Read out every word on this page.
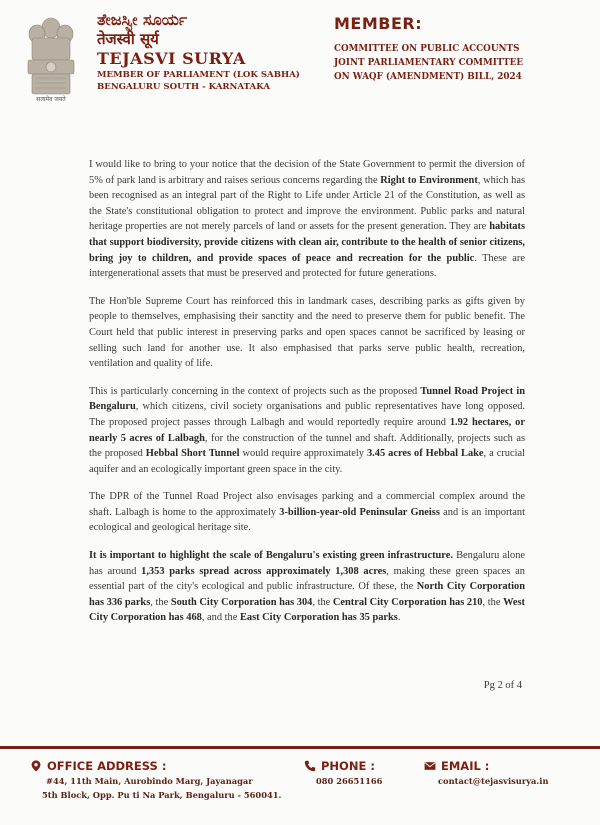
सत्यमेव जयते
ತೇಜಸ್ವೀ ಸೂರ್ಯ
तेजस्वी सूर्य
TEJASVI SURYA
MEMBER OF PARLIAMENT (LOK SABHA)
BENGALURU SOUTH - KARNATAKA
MEMBER:
COMMITTEE ON PUBLIC ACCOUNTS
JOINT PARLIAMENTARY COMMITTEE
ON WAQF (AMENDMENT) BILL, 2024

I would like to bring to your notice that the decision of the State Government to permit the diversion of 5% of park land is arbitrary and raises serious concerns regarding the Right to Environment, which has been recognised as an integral part of the Right to Life under Article 21 of the Constitution, as well as the State's constitutional obligation to protect and improve the environment. Public parks and natural heritage properties are not merely parcels of land or assets for the present generation. They are habitats that support biodiversity, provide citizens with clean air, contribute to the health of senior citizens, bring joy to children, and provide spaces of peace and recreation for the public. These are intergenerational assets that must be preserved and protected for future generations.

The Hon'ble Supreme Court has reinforced this in landmark cases, describing parks as gifts given by people to themselves, emphasising their sanctity and the need to preserve them for public benefit. The Court held that public interest in preserving parks and open spaces cannot be sacrificed by leasing or selling such land for another use. It also emphasised that parks serve public health, recreation, ventilation and quality of life.

This is particularly concerning in the context of projects such as the proposed Tunnel Road Project in Bengaluru, which citizens, civil society organisations and public representatives have long opposed. The proposed project passes through Lalbagh and would reportedly require around 1.92 hectares, or nearly 5 acres of Lalbagh, for the construction of the tunnel and shaft. Additionally, projects such as the proposed Hebbal Short Tunnel would require approximately 3.45 acres of Hebbal Lake, a crucial aquifer and an ecologically important green space in the city.

The DPR of the Tunnel Road Project also envisages parking and a commercial complex around the shaft. Lalbagh is home to the approximately 3-billion-year-old Peninsular Gneiss and is an important ecological and geological heritage site.

It is important to highlight the scale of Bengaluru's existing green infrastructure. Bengaluru alone has around 1,353 parks spread across approximately 1,308 acres, making these green spaces an essential part of the city's ecological and public infrastructure. Of these, the North City Corporation has 336 parks, the South City Corporation has 304, the Central City Corporation has 210, the West City Corporation has 468, and the East City Corporation has 35 parks.

Pg 2 of 4
OFFICE ADDRESS :
#44, 11th Main, Aurobindo Marg, Jayanagar
5th Block, Opp. Pu ti Na Park, Bengaluru - 560041.
PHONE :
080 26651166
EMAIL :
contact@tejasvisurya.in
